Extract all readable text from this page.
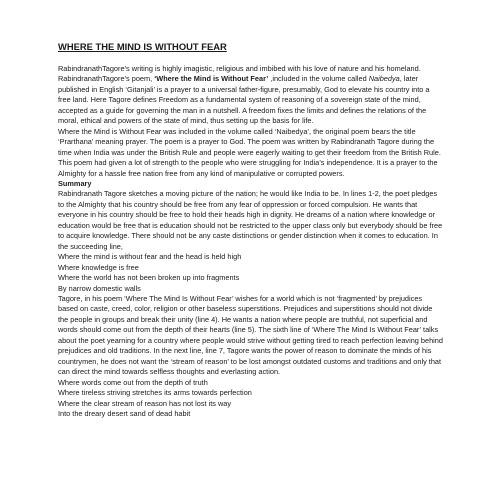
WHERE THE MIND IS WITHOUT FEAR

RabindranathTagore’s writing is highly imagistic, religious and imbibed with his love of nature and his homeland. RabindranathTagore’s poem, ‘Where the Mind is Without Fear’ ,included in the volume called Naibedya, later published in English ‘Gitanjali’ is a prayer to a universal father-figure, presumably, God to elevate his country into a free land. Here Tagore defines Freedom as a fundamental system of reasoning of a sovereign state of the mind, accepted as a guide for governing the man in a nutshell. A freedom fixes the limits and defines the relations of the moral, ethical and powers of the state of mind, thus setting up the basis for life.

Where the Mind is Without Fear was included in the volume called ‘Naibedya’, the original poem bears the title ‘Prarthana’ meaning prayer. The poem is a prayer to God. The poem was written by Rabindranath Tagore during the time when India was under the British Rule and people were eagerly waiting to get their freedom from the British Rule. This poem had given a lot of strength to the people who were struggling for India’s independence. It is a prayer to the Almighty for a hassle free nation free from any kind of manipulative or corrupted powers.

Summary

Rabindranath Tagore sketches a moving picture of the nation; he would like India to be. In lines 1-2, the poet pledges to the Almighty that his country should be free from any fear of oppression or forced compulsion. He wants that everyone in his country should be free to hold their heads high in dignity. He dreams of a nation where knowledge or education would be free that is education should not be restricted to the upper class only but everybody should be free to acquire knowledge. There should not be any caste distinctions or gender distinction when it comes to education. In the succeeding line,

Where the mind is without fear and the head is held high

Where knowledge is free

Where the world has not been broken up into fragments

By narrow domestic walls

Tagore, in his poem ‘Where The Mind Is Without Fear’ wishes for a world which is not ‘fragmented’ by prejudices based on caste, creed, color, religion or other baseless superstitions. Prejudices and superstitions should not divide the people in groups and break their unity (line 4). He wants a nation where people are truthful, not superficial and words should come out from the depth of their hearts (line 5). The sixth line of ‘Where The Mind Is Without Fear’ talks about the poet yearning for a country where people would strive without getting tired to reach perfection leaving behind prejudices and old traditions. In the next line, line 7, Tagore wants the power of reason to dominate the minds of his countrymen, he does not want the ‘stream of reason’ to be lost amongst outdated customs and traditions and only that can direct the mind towards selfless thoughts and everlasting action.

Where words come out from the depth of truth

Where tireless striving stretches its arms towards perfection

Where the clear stream of reason has not lost its way

Into the dreary desert sand of dead habit
